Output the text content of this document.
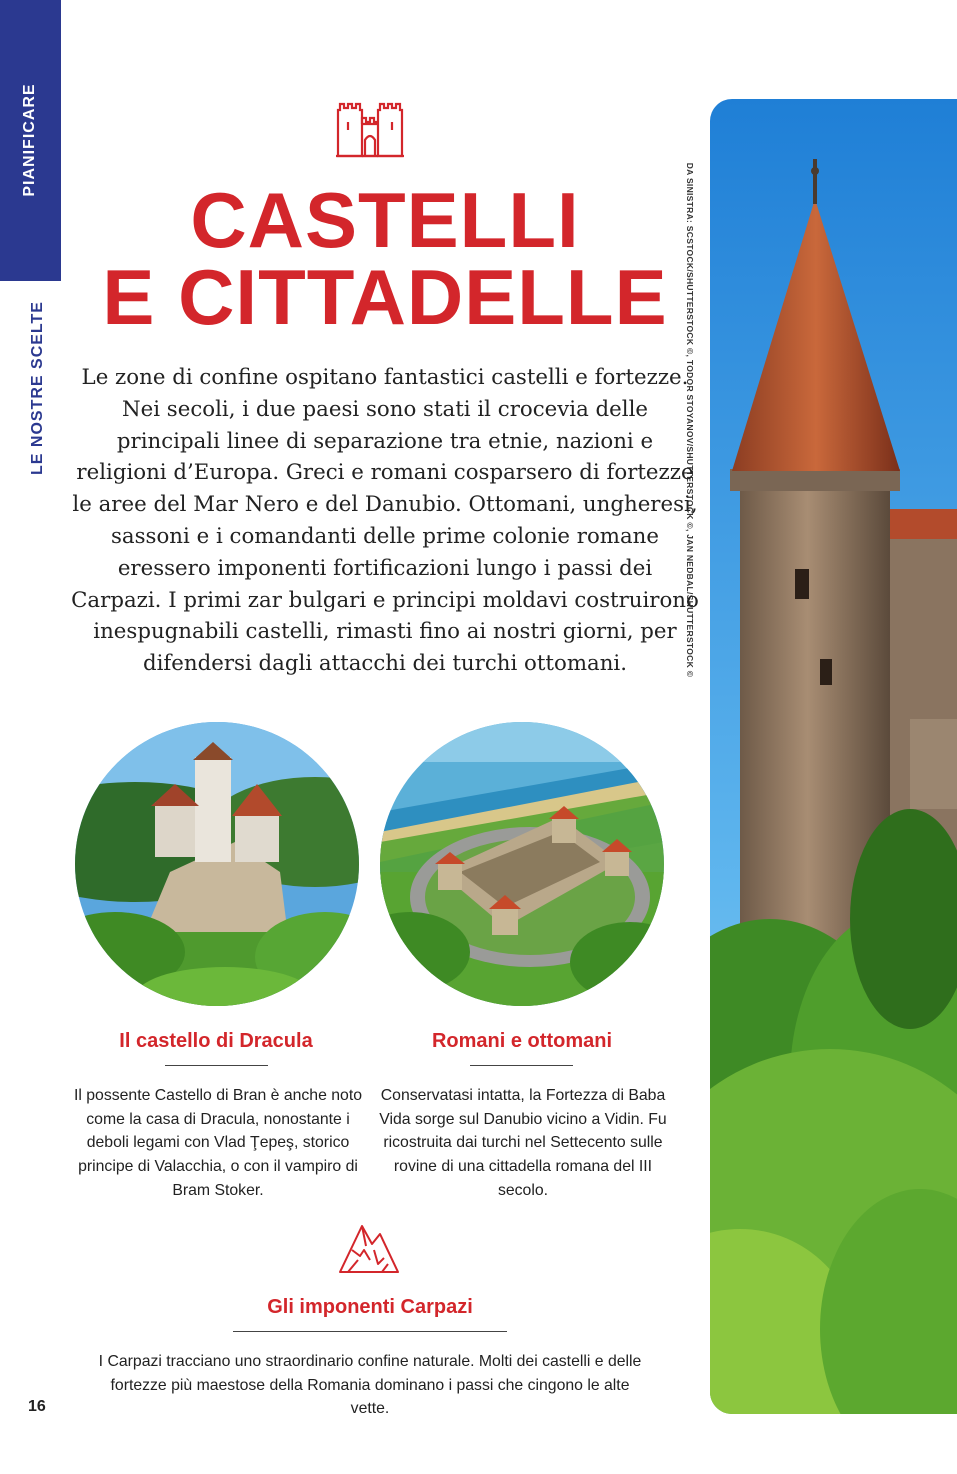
PIANIFICARE
LE NOSTRE SCELTE	DA SINISTRA: SCSTOCK/SHUTTERSTOCK ©, TODOR STOYANOV/SHUTTERSTOCK ©, JAN NEDBAL/SHUTTERSTOCK ©
CASTELLI
E CITTADELLE

Le zone di confine ospitano fantastici castelli e fortezze. Nei secoli, i due paesi sono stati il crocevia delle principali linee di separazione tra etnie, nazioni e religioni d’Europa. Greci e romani cosparsero di fortezze le aree del Mar Nero e del Danubio. Ottomani, ungheresi, sassoni e i comandanti delle prime colonie romane eressero imponenti fortificazioni lungo i passi dei Carpazi. I primi zar bulgari e principi moldavi costruirono inespugnabili castelli, rimasti fino ai nostri giorni, per difendersi dagli attacchi dei turchi ottomani.

Il castello di Dracula

Il possente Castello di Bran è anche noto come la casa di Dracula, nonostante i deboli legami con Vlad Ţepeş, storico principe di Valacchia, o con il vampiro di Bram Stoker.

Romani e ottomani

Conservatasi intatta, la Fortezza di Baba Vida sorge sul Danubio vicino a Vidin. Fu ricostruita dai turchi nel Settecento sulle rovine di una cittadella romana del III secolo.

Gli imponenti Carpazi

I Carpazi tracciano uno straordinario confine naturale. Molti dei castelli e delle fortezze più maestose della Romania dominano i passi che cingono le alte vette.

16
